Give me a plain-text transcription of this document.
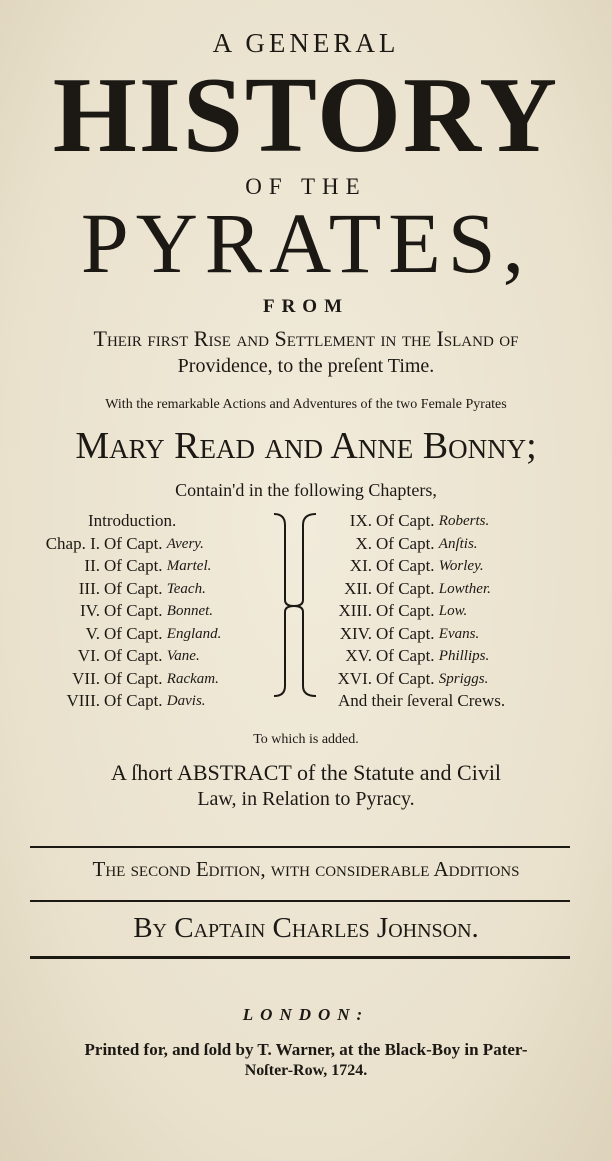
A GENERAL
HISTORY
OF THE
PYRATES,
FROM
Their firſt Riſe and Settlement in the Iſland of
Providence, to the preſent Time.
With the remarkable Actions and Adventures of the two Female Pyrates
Mary Read and Anne Bonny;
Contain'd in the following Chapters,
Introduction.
Chap. I. Of Capt.
Avery.
II. Of Capt.
Martel.
III. Of Capt.
Teach.
IV. Of Capt.
Bonnet.
V. Of Capt.
England.
VI. Of Capt.
Vane.
VII. Of Capt.
Rackam.
VIII. Of Capt.
Davis.
IX. Of Capt.
Roberts.
X. Of Capt.
Anſtis.
XI. Of Capt.
Worley.
XII. Of Capt.
Lowther.
XIII. Of Capt.
Low.
XIV. Of Capt.
Evans.
XV. Of Capt.
Phillips.
XVI. Of Capt.
Spriggs.
And their ſeveral Crews.
To which is added.
A ſhort ABSTRACT of the Statute and Civil
Law, in Relation to Pyracy.
The ſecond Edition, with conſiderable Additions
By Captain Charles Johnson.
LONDON:
Printed for, and ſold by T. Warner, at the Black-Boy in Pater-
Noſter-Row, 1724.
